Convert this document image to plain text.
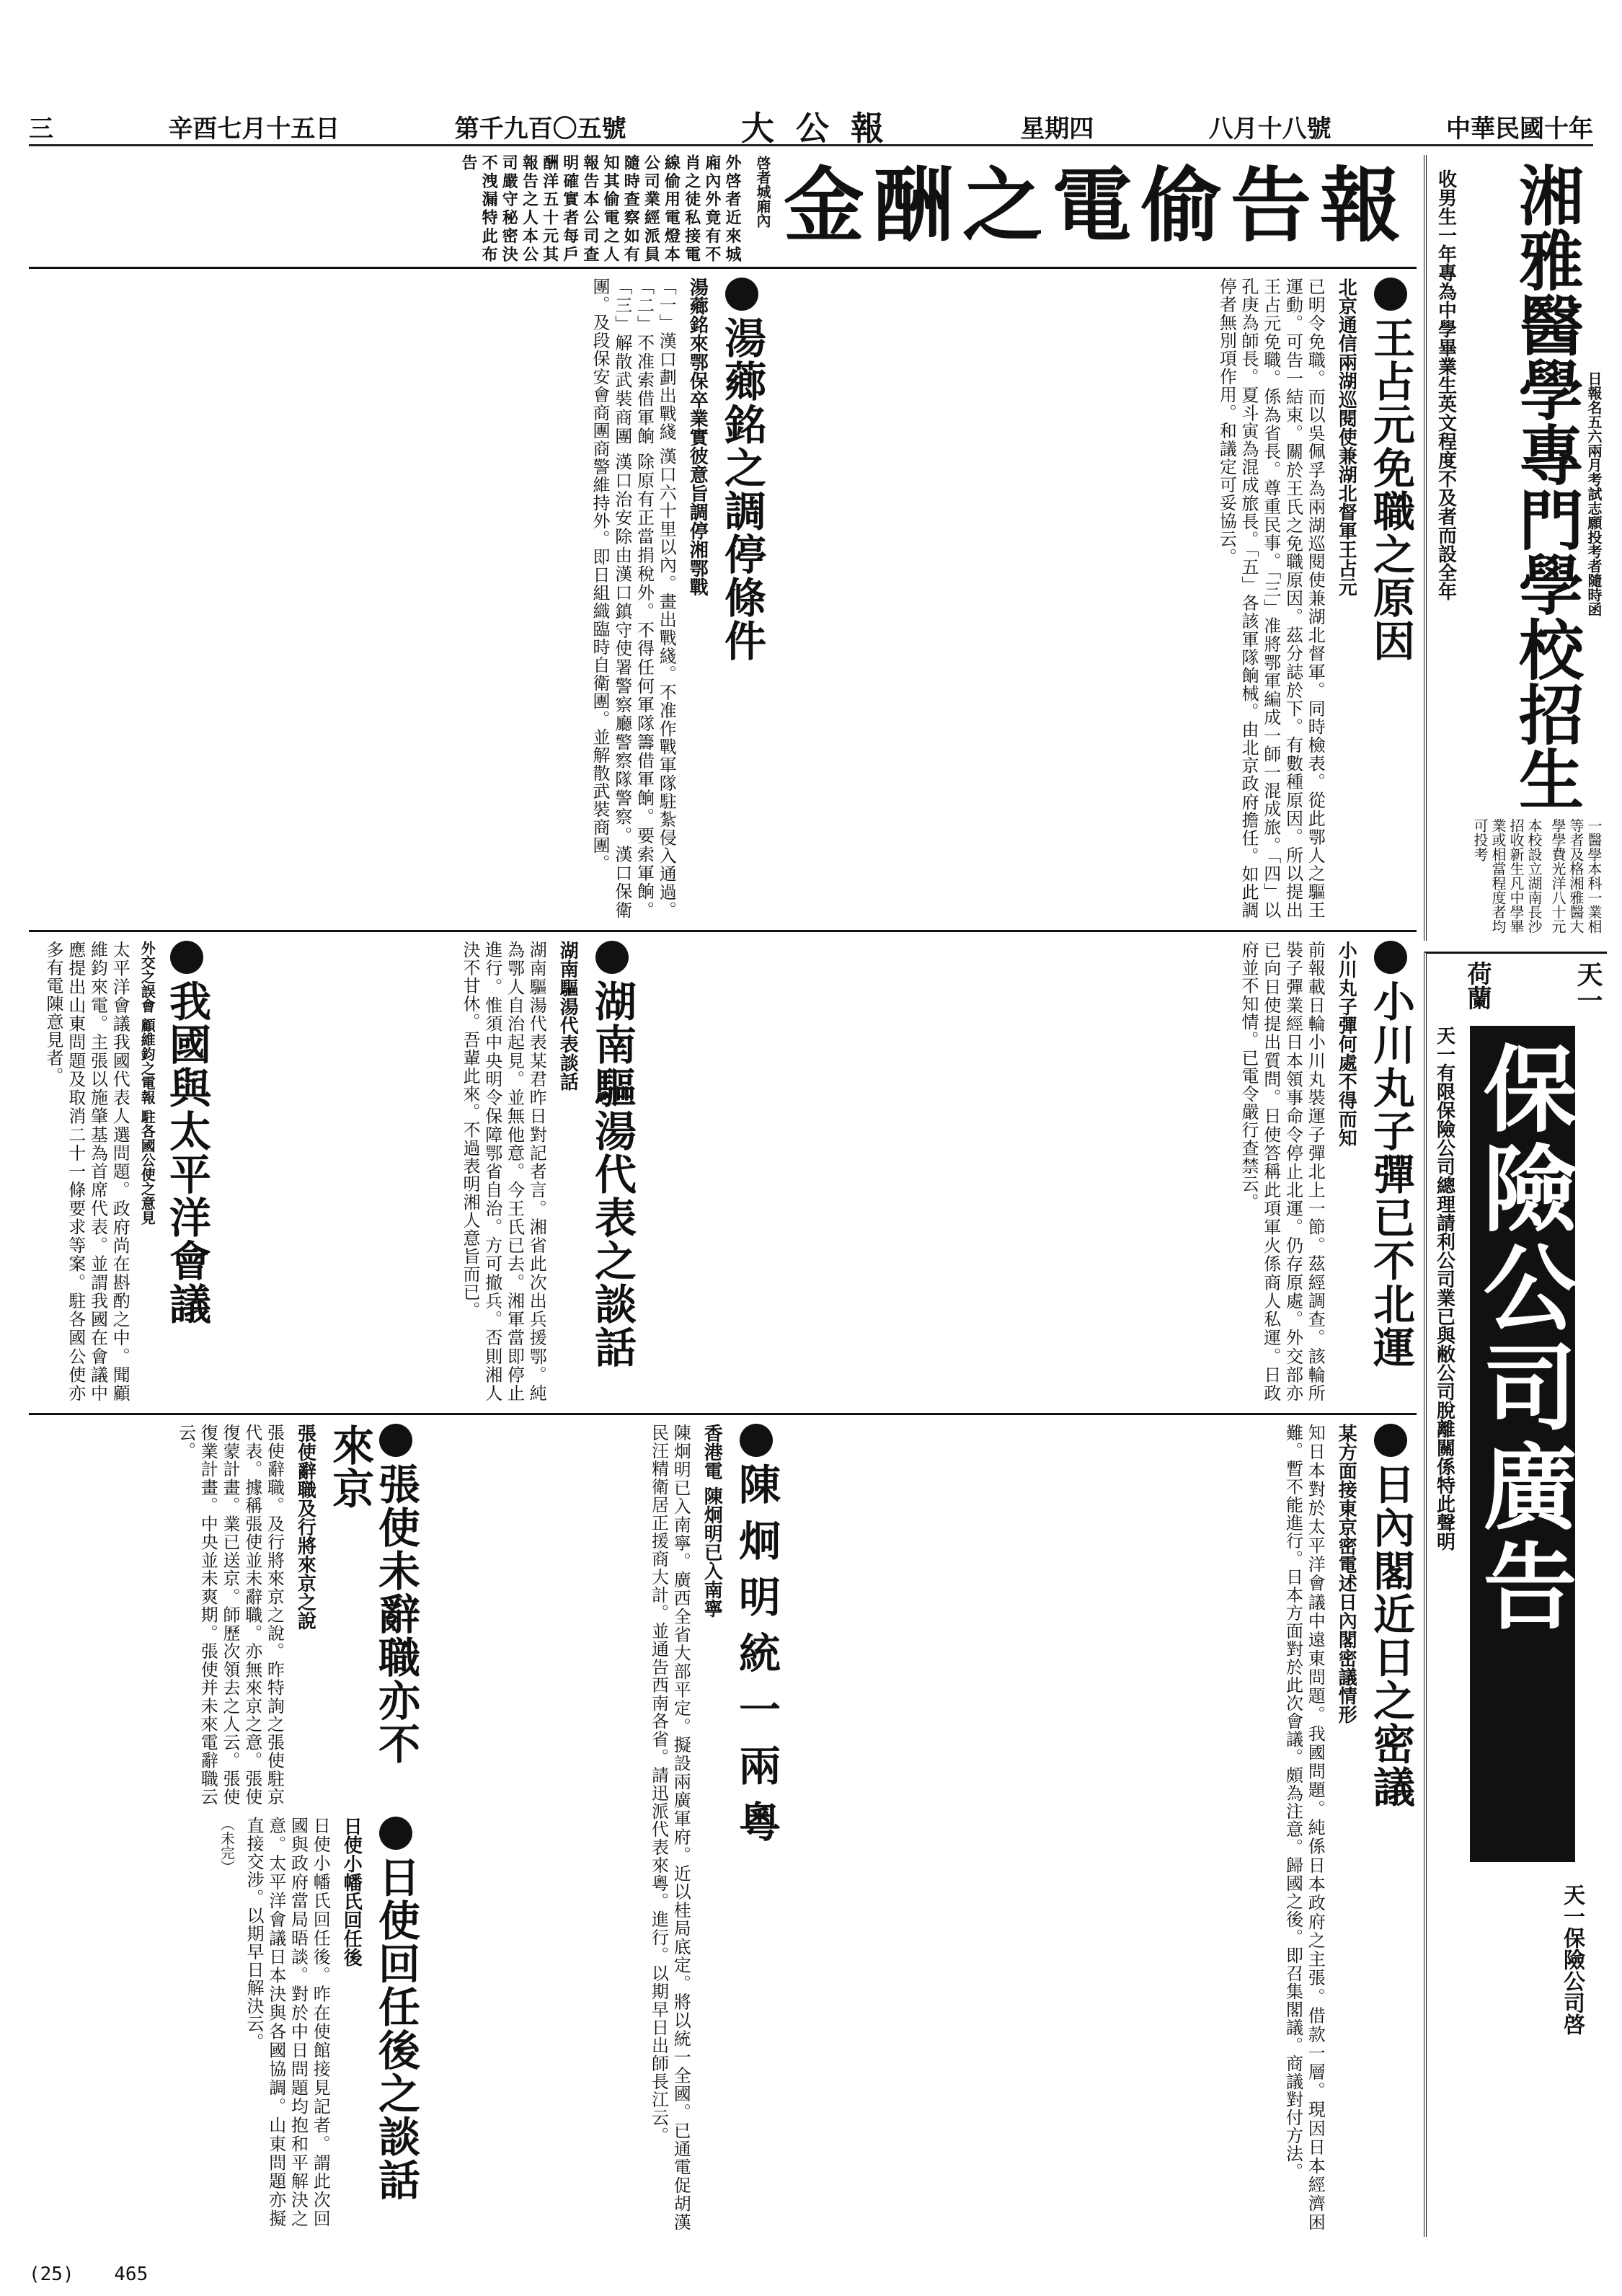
中華民國十年
八月十八號
星期四
大公報
第千九百〇五號
辛酉七月十五日
三
日報名五六兩月考試志願投考者隨時函
湘雅醫學專門學校招生
收男生一年專為中學畢業生英文程度不及者而設全年
一醫學本科一業相等者及格湘雅醫大學學費光洋八十元
本校設立湖南長沙招收新生凡中學畢業或相當程度者均可投考
天一
荷蘭
保險公司廣告
天一有限保險公司總理請利公司業已與敝公司脫離關係特此聲明
天一保險公司啓
報告偷電之酬金
啓者城廂內
外啓者近來城廂內外竟有不肖之徒私接電線偷用電燈本公司業經派員隨時查察如有知其偷電之人報告本公司查明確實者每戶酬洋五十元其報告之人本公司嚴守秘密決不洩漏特此布告
王占元免職之原因
北京通信兩湖巡閱使兼湖北督軍王占元
已明令免職。而以吳佩孚為兩湖巡閱使兼湖北督軍。同時檢表。從此鄂人之驅王運動。可告一結束。關於王氏之免職原因。茲分誌於下。有數種原因。所以提出王占元免職。係為省長。尊重民事。「三」准將鄂軍編成一師一混成旅。「四」以孔庚為師長。夏斗寅為混成旅長。「五」各該軍隊餉械。由北京政府擔任。如此調停者無別項作用。和議定可妥協云。
湯薌銘之調停條件
湯薌銘來鄂保卒業實彼意旨調停湘鄂戰
「一」漢口劃出戰綫 漢口六十里以內。畫出戰綫。不准作戰軍隊駐紮侵入通過。「二」不准索借軍餉 除原有正當捐稅外。不得任何軍隊籌借軍餉。要索軍餉。「三」解散武裝商團 漢口治安除由漢口鎮守使署警察廳警察隊警察。漢口保衛團。及段保安會商團商警維持外。即日組織臨時自衛團。並解散武裝商團。
小川丸子彈已不北運
小川丸子彈何處不得而知
前報載日輪小川丸裝運子彈北上一節。茲經調查。該輪所裝子彈業經日本領事命令停止北運。仍存原處。外交部亦已向日使提出質問。日使答稱此項軍火係商人私運。日政府並不知情。已電令嚴行查禁云。
湖南驅湯代表之談話
湖南驅湯代表談話
湖南驅湯代表某君昨日對記者言。湘省此次出兵援鄂。純為鄂人自治起見。並無他意。今王氏已去。湘軍當即停止進行。惟須中央明令保障鄂省自治。方可撤兵。否則湘人決不甘休。吾輩此來。不過表明湘人意旨而已。
我國與太平洋會議
外交之誤會 顧維鈞之電報 駐各國公使之意見
太平洋會議我國代表人選問題。政府尚在斟酌之中。聞顧維鈞來電。主張以施肇基為首席代表。並謂我國在會議中應提出山東問題及取消二十一條要求等案。駐各國公使亦多有電陳意見者。
日內閣近日之密議
某方面接東京密電述日內閣密議情形
知日本對於太平洋會議中遠東問題。我國問題。純係日本政府之主張。借款一層。現因日本經濟困難。暫不能進行。日本方面對於此次會議。頗為注意。歸國之後。即召集閣議。商議對付方法。
陳炯明統一兩粵
香港電 陳炯明已入南寧
陳炯明已入南寧。廣西全省大部平定。擬設兩廣軍府。近以桂局底定。將以統一全國。已通電促胡漢民汪精衛居正援商大計。並通告西南各省。請迅派代表來粵。進行。以期早日出師長江云。
張使未辭職亦不來京
張使辭職及行將來京之說
張使辭職。及行將來京之說。昨特詢之張使駐京代表。據稱張使並未辭職。亦無來京之意。張使復蒙計畫。業已送京。師歷次領去之人云。張使復業計畫。中央並未爽期。張使并未來電辭職云云。
日使回任後之談話
日使小幡氏回任後
日使小幡氏回任後。昨在使館接見記者。謂此次回國與政府當局晤談。對於中日問題均抱和平解決之意。太平洋會議日本決與各國協調。山東問題亦擬直接交涉。以期早日解決云。
（未完）
(25) 465
